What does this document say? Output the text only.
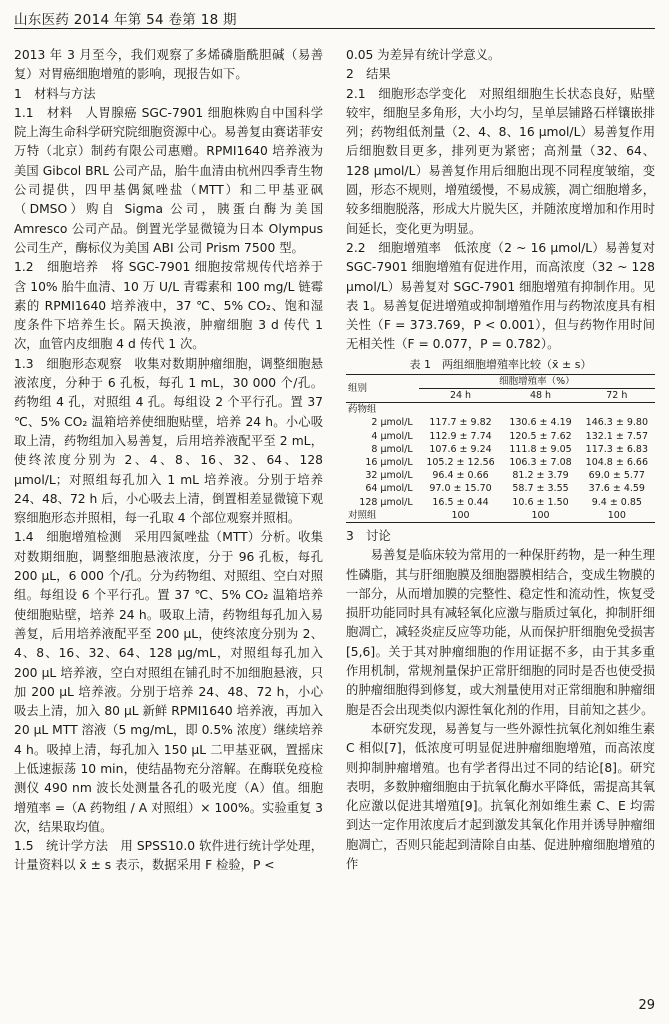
山东医药 2014 年第 54 卷第 18 期

2013 年 3 月至今，我们观察了多烯磷脂酰胆碱（易善复）对胃癌细胞增殖的影响，现报告如下。

1　材料与方法

1.1　材料　人胃腺癌 SGC-7901 细胞株购自中国科学院上海生命科学研究院细胞资源中心。易善复由赛诺菲安万特（北京）制药有限公司惠赠。RPMI1640 培养液为美国 Gibcol BRL 公司产品，胎牛血清由杭州四季青生物公司提供，四甲基偶氮唑盐（MTT）和二甲基亚砜（DMSO）购自 Sigma 公司，胰蛋白酶为美国 Amresco 公司产品。倒置光学显微镜为日本 Olympus 公司生产，酶标仪为美国 ABI 公司 Prism 7500 型。

1.2　细胞培养　将 SGC-7901 细胞按常规传代培养于含 10% 胎牛血清、10 万 U/L 青霉素和 100 mg/L 链霉素的 RPMI1640 培养液中，37 ℃、5% CO₂、饱和湿度条件下培养生长。隔天换液，肿瘤细胞 3 d 传代 1 次，血管内皮细胞 4 d 传代 1 次。

1.3　细胞形态观察　收集对数期肿瘤细胞，调整细胞悬液浓度，分种于 6 孔板，每孔 1 mL，30 000 个/孔。药物组 4 孔，对照组 4 孔。每组设 2 个平行孔。置 37 ℃、5% CO₂ 温箱培养使细胞贴壁，培养 24 h。小心吸取上清，药物组加入易善复，后用培养液配平至 2 mL，使终浓度分别为 2、4、8、16、32、64、128 μmol/L；对照组每孔加入 1 mL 培养液。分别于培养 24、48、72 h 后，小心吸去上清，倒置相差显微镜下观察细胞形态并照相，每一孔取 4 个部位观察并照相。

1.4　细胞增殖检测　采用四氮唑盐（MTT）分析。收集对数期细胞，调整细胞悬液浓度，分于 96 孔板，每孔 200 μL，6 000 个/孔。分为药物组、对照组、空白对照组。每组设 6 个平行孔。置 37 ℃、5% CO₂ 温箱培养使细胞贴壁，培养 24 h。吸取上清，药物组每孔加入易善复，后用培养液配平至 200 μL，使终浓度分别为 2、4、8、16、32、64、128 μg/mL，对照组每孔加入 200 μL 培养液，空白对照组在铺孔时不加细胞悬液，只加 200 μL 培养液。分别于培养 24、48、72 h，小心吸去上清，加入 80 μL 新鲜 RPMI1640 培养液，再加入 20 μL MTT 溶液（5 mg/mL，即 0.5% 浓度）继续培养 4 h。吸掉上清，每孔加入 150 μL 二甲基亚砜，置摇床上低速振荡 10 min，使结晶物充分溶解。在酶联免疫检测仪 490 nm 波长处测量各孔的吸光度（A）值。细胞增殖率 =（A 药物组 / A 对照组）× 100%。实验重复 3 次，结果取均值。

1.5　统计学方法　用 SPSS10.0 软件进行统计学处理，计量资料以 x̄ ± s 表示，数据采用 F 检验，P <

0.05 为差异有统计学意义。

2　结果

2.1　细胞形态学变化　对照组细胞生长状态良好，贴壁较牢，细胞呈多角形，大小均匀，呈单层铺路石样镶嵌排列；药物组低剂量（2、4、8、16 μmol/L）易善复作用后细胞数目更多，排列更为紧密；高剂量（32、64、128 μmol/L）易善复作用后细胞出现不同程度皱缩，变圆，形态不规则，增殖缓慢，不易成簇，凋亡细胞增多，较多细胞脱落，形成大片脱失区，并随浓度增加和作用时间延长，变化更为明显。

2.2　细胞增殖率　低浓度（2 ~ 16 μmol/L）易善复对 SGC-7901 细胞增殖有促进作用，而高浓度（32 ~ 128 μmol/L）易善复对 SGC-7901 细胞增殖有抑制作用。见表 1。易善复促进增殖或抑制增殖作用与药物浓度具有相关性（F = 373.769，P < 0.001），但与药物作用时间无相关性（F = 0.077，P = 0.782）。

表 1　两组细胞增殖率比较（x̄ ± s）
组别	细胞增殖率（%）		
	24 h	48 h	72 h
药物组			
2 μmol/L	117.7 ± 9.82	130.6 ± 4.19	146.3 ± 9.80
4 μmol/L	112.9 ± 7.74	120.5 ± 7.62	132.1 ± 7.57
8 μmol/L	107.6 ± 9.24	111.8 ± 9.05	117.3 ± 6.83
16 μmol/L	105.2 ± 12.56	106.3 ± 7.08	104.8 ± 6.66
32 μmol/L	96.4 ± 0.66	81.2 ± 3.79	69.0 ± 5.77
64 μmol/L	97.0 ± 15.70	58.7 ± 3.55	37.6 ± 4.59
128 μmol/L	16.5 ± 0.44	10.6 ± 1.50	9.4 ± 0.85
对照组	100	100	100

3　讨论

易善复是临床较为常用的一种保肝药物，是一种生理性磷脂，其与肝细胞膜及细胞器膜相结合，变成生物膜的一部分，从而增加膜的完整性、稳定性和流动性，恢复受损肝功能同时具有减轻氧化应激与脂质过氧化，抑制肝细胞凋亡，减轻炎症反应等功能，从而保护肝细胞免受损害[5,6]。关于其对肿瘤细胞的作用证据不多，由于其多重作用机制，常规剂量保护正常肝细胞的同时是否也使受损的肿瘤细胞得到修复，或大剂量使用对正常细胞和肿瘤细胞是否会出现类似内源性氧化剂的作用，目前知之甚少。

本研究发现，易善复与一些外源性抗氧化剂如维生素 C 相似[7]，低浓度可明显促进肿瘤细胞增殖，而高浓度则抑制肿瘤增殖。也有学者得出过不同的结论[8]。研究表明，多数肿瘤细胞由于抗氧化酶水平降低，需提高其氧化应激以促进其增殖[9]。抗氧化剂如维生素 C、E 均需到达一定作用浓度后才起到激发其氧化作用并诱导肿瘤细胞凋亡，否则只能起到清除自由基、促进肿瘤细胞增殖的作

29
